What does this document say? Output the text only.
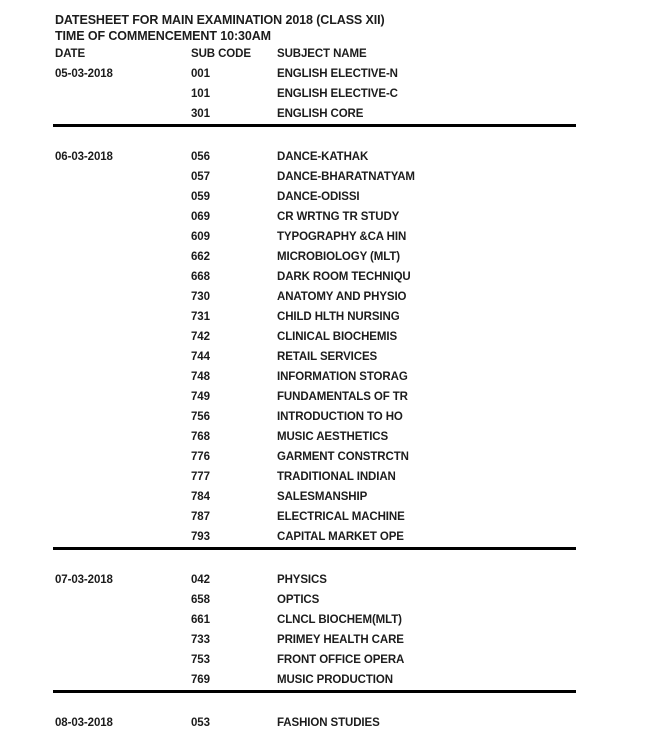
DATESHEET FOR MAIN EXAMINATION 2018 (CLASS XII)
TIME OF COMMENCEMENT 10:30AM
DATE	SUB CODE	SUBJECT NAME
05-03-2018	001	ENGLISH ELECTIVE-N
101	ENGLISH ELECTIVE-C
301	ENGLISH CORE
06-03-2018	056	DANCE-KATHAK
057	DANCE-BHARATNATYAM
059	DANCE-ODISSI
069	CR WRTNG TR STUDY
609	TYPOGRAPHY &CA HIN
662	MICROBIOLOGY (MLT)
668	DARK ROOM TECHNIQU
730	ANATOMY AND PHYSIO
731	CHILD HLTH NURSING
742	CLINICAL BIOCHEMIS
744	RETAIL SERVICES
748	INFORMATION STORAG
749	FUNDAMENTALS OF TR
756	INTRODUCTION TO HO
768	MUSIC AESTHETICS
776	GARMENT CONSTRCTN
777	TRADITIONAL INDIAN
784	SALESMANSHIP
787	ELECTRICAL MACHINE
793	CAPITAL MARKET OPE
07-03-2018	042	PHYSICS
658	OPTICS
661	CLNCL BIOCHEM(MLT)
733	PRIMEY HEALTH CARE
753	FRONT OFFICE OPERA
769	MUSIC PRODUCTION
08-03-2018	053	FASHION STUDIES
